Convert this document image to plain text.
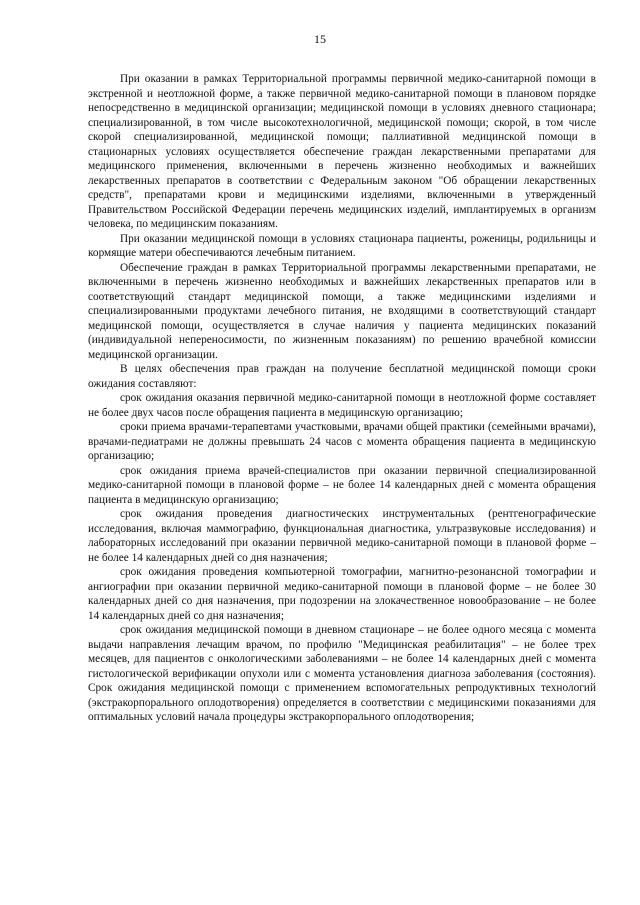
15

При оказании в рамках Территориальной программы первичной медико-санитарной помощи в экстренной и неотложной форме, а также первичной медико-санитарной помощи в плановом порядке непосредственно в медицинской организации; медицинской помощи в условиях дневного стационара; специализированной, в том числе высокотехнологичной, медицинской помощи; скорой, в том числе скорой специализированной, медицинской помощи; паллиативной медицинской помощи в стационарных условиях осуществляется обеспечение граждан лекарственными препаратами для медицинского применения, включенными в перечень жизненно необходимых и важнейших лекарственных препаратов в соответствии с Федеральным законом "Об обращении лекарственных средств", препаратами крови и медицинскими изделиями, включенными в утвержденный Правительством Российской Федерации перечень медицинских изделий, имплантируемых в организм человека, по медицинским показаниям.

При оказании медицинской помощи в условиях стационара пациенты, роженицы, родильницы и кормящие матери обеспечиваются лечебным питанием.

Обеспечение граждан в рамках Территориальной программы лекарственными препаратами, не включенными в перечень жизненно необходимых и важнейших лекарственных препаратов или в соответствующий стандарт медицинской помощи, а также медицинскими изделиями и специализированными продуктами лечебного питания, не входящими в соответствующий стандарт медицинской помощи, осуществляется в случае наличия у пациента медицинских показаний (индивидуальной непереносимости, по жизненным показаниям) по решению врачебной комиссии медицинской организации.

В целях обеспечения прав граждан на получение бесплатной медицинской помощи сроки ожидания составляют:

срок ожидания оказания первичной медико-санитарной помощи в неотложной форме составляет не более двух часов после обращения пациента в медицинскую организацию;

сроки приема врачами-терапевтами участковыми, врачами общей практики (семейными врачами), врачами-педиатрами не должны превышать 24 часов с момента обращения пациента в медицинскую организацию;

срок ожидания приема врачей-специалистов при оказании первичной специализированной медико-санитарной помощи в плановой форме – не более 14 календарных дней с момента обращения пациента в медицинскую организацию;

срок ожидания проведения диагностических инструментальных (рентгенографические исследования, включая маммографию, функциональная диагностика, ультразвуковые исследования) и лабораторных исследований при оказании первичной медико-санитарной помощи в плановой форме – не более 14 календарных дней со дня назначения;

срок ожидания проведения компьютерной томографии, магнитно-резонансной томографии и ангиографии при оказании первичной медико-санитарной помощи в плановой форме – не более 30 календарных дней со дня назначения, при подозрении на злокачественное новообразование – не более 14 календарных дней со дня назначения;

срок ожидания медицинской помощи в дневном стационаре – не более одного месяца с момента выдачи направления лечащим врачом, по профилю "Медицинская реабилитация" – не более трех месяцев, для пациентов с онкологическими заболеваниями – не более 14 календарных дней с момента гистологической верификации опухоли или с момента установления диагноза заболевания (состояния). Срок ожидания медицинской помощи с применением вспомогательных репродуктивных технологий (экстракорпорального оплодотворения) определяется в соответствии с медицинскими показаниями для оптимальных условий начала процедуры экстракорпорального оплодотворения;
